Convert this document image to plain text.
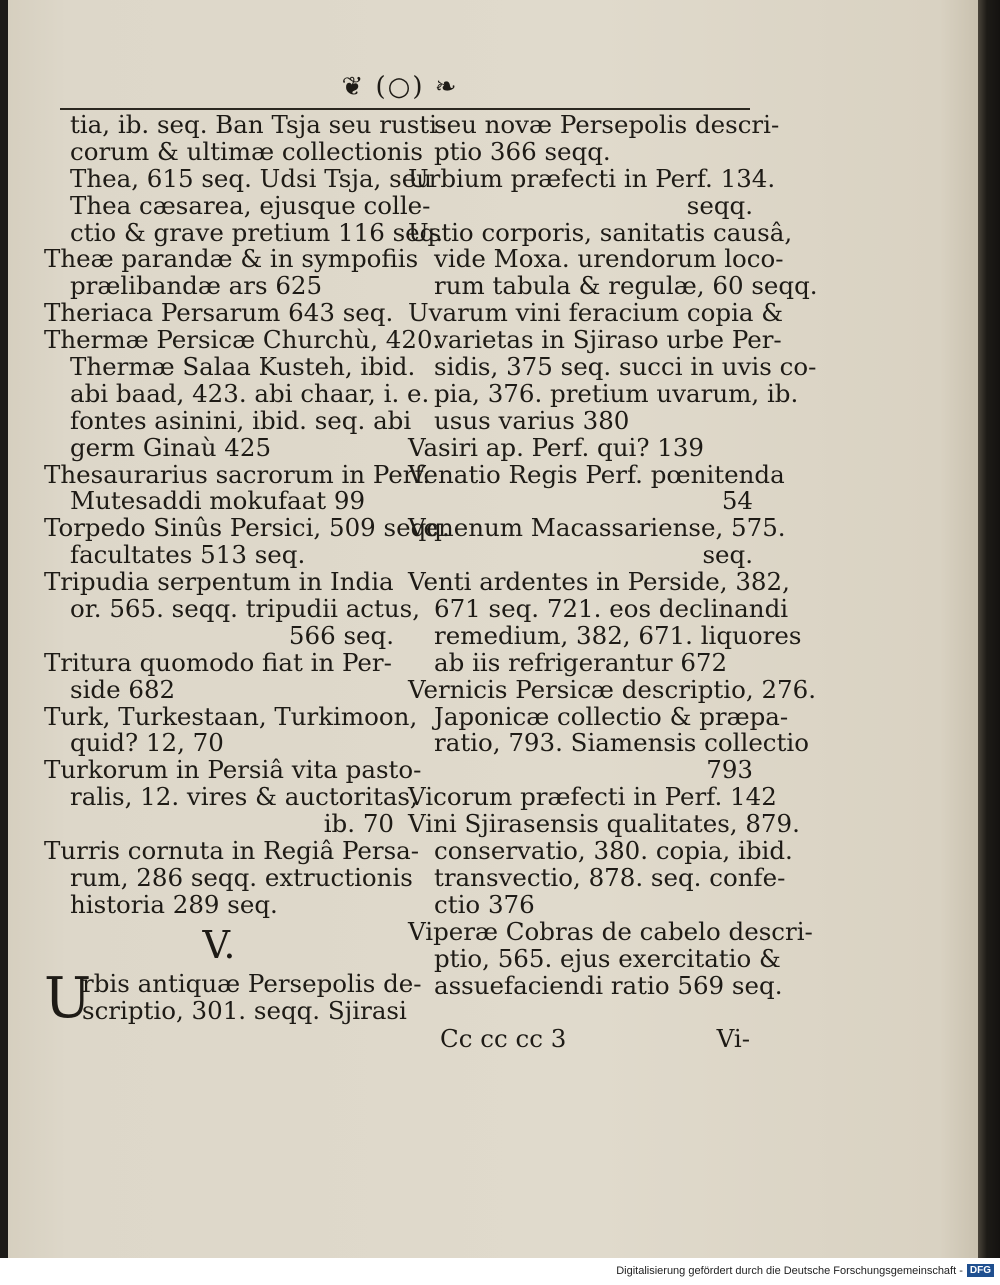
❦ (○) ❧
tia, ib. seq. Ban Tsja seu rusti-
corum & ultimæ collectionis
Thea, 615 seq. Udsi Tsja, seu
Thea cæsarea, ejusque colle-
ctio & grave pretium 116 seq.
Theæ parandæ & in sympofiis
prælibandæ ars 625
Theriaca Persarum 643 seq.
Thermæ Persicæ Churchù, 420.
Thermæ Salaa Kusteh, ibid.
abi baad, 423. abi chaar, i. e.
fontes asinini, ibid. seq. abi
germ Ginaù 425
Thesaurarius sacrorum in Perf.
Mutesaddi mokufaat 99
Torpedo Sinûs Persici, 509 seqq.
facultates 513 seq.
Tripudia serpentum in India
or. 565. seqq. tripudii actus,
566 seq.
Tritura quomodo fiat in Per-
side 682
Turk, Turkestaan, Turkimoon,
quid? 12, 70
Turkorum in Persiâ vita pasto-
ralis, 12. vires & auctoritas,
ib. 70
Turris cornuta in Regiâ Persa-
rum, 286 seqq. extructionis
historia 289 seq.
V.
U
rbis antiquæ Persepolis de-
scriptio, 301. seqq. Sjirasi
seu novæ Persepolis descri-
ptio 366 seqq.
Urbium præfecti in Perf. 134.
seqq.
Ustio corporis, sanitatis causâ,
vide Moxa. urendorum loco-
rum tabula & regulæ, 60 seqq.
Uvarum vini feracium copia &
varietas in Sjiraso urbe Per-
sidis, 375 seq. succi in uvis co-
pia, 376. pretium uvarum, ib.
usus varius 380
Vasiri ap. Perf. qui? 139
Venatio Regis Perf. pœnitenda
54
Venenum Macassariense, 575.
seq.
Venti ardentes in Perside, 382,
671 seq. 721. eos declinandi
remedium, 382, 671. liquores
ab iis refrigerantur 672
Vernicis Persicæ descriptio, 276.
Japonicæ collectio & præpa-
ratio, 793. Siamensis collectio
793
Vicorum præfecti in Perf. 142
Vini Sjirasensis qualitates, 879.
conservatio, 380. copia, ibid.
transvectio, 878. seq. confe-
ctio 376
Viperæ Cobras de cabelo descri-
ptio, 565. ejus exercitatio &
assuefaciendi ratio 569 seq.
Cc cc cc 3	Vi-
Digitalisierung gefördert durch die Deutsche Forschungsgemeinschaft - DFG
